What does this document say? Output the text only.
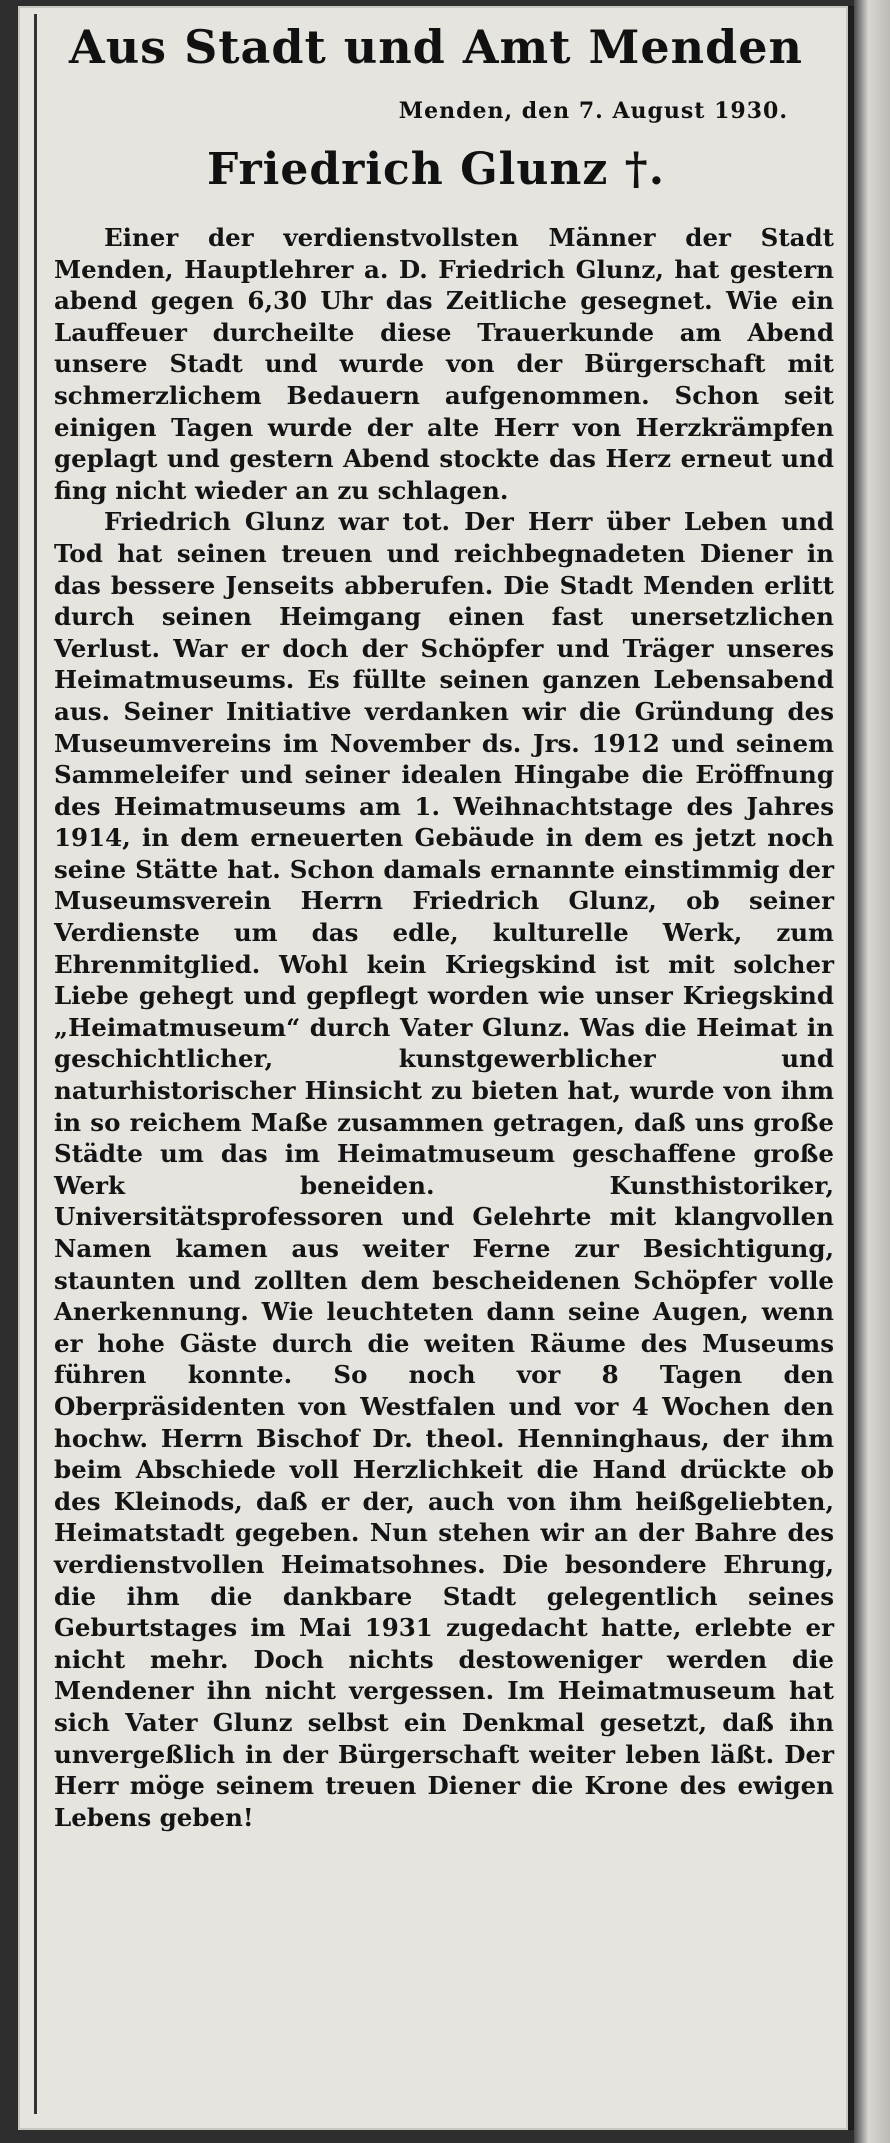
Aus Stadt und Amt Menden
Menden, den 7. August 1930.
Friedrich Glunz †.

Einer der verdienstvollsten Männer der Stadt Menden, Hauptlehrer a. D. Friedrich Glunz, hat gestern abend gegen 6,30 Uhr das Zeitliche gesegnet. Wie ein Lauffeuer durcheilte diese Trauerkunde am Abend unsere Stadt und wurde von der Bürgerschaft mit schmerzlichem Bedauern aufgenommen. Schon seit einigen Tagen wurde der alte Herr von Herzkrämpfen geplagt und gestern Abend stockte das Herz erneut und fing nicht wieder an zu schlagen.

Friedrich Glunz war tot. Der Herr über Leben und Tod hat seinen treuen und reichbegnadeten Diener in das bessere Jenseits abberufen. Die Stadt Menden erlitt durch seinen Heimgang einen fast unersetzlichen Verlust. War er doch der Schöpfer und Träger unseres Heimatmuseums. Es füllte seinen ganzen Lebensabend aus. Seiner Initiative verdanken wir die Gründung des Museumvereins im November ds. Jrs. 1912 und seinem Sammeleifer und seiner idealen Hingabe die Eröffnung des Heimatmuseums am 1. Weihnachtstage des Jahres 1914, in dem erneuerten Gebäude in dem es jetzt noch seine Stätte hat. Schon damals ernannte einstimmig der Museumsverein Herrn Friedrich Glunz, ob seiner Verdienste um das edle, kulturelle Werk, zum Ehrenmitglied. Wohl kein Kriegskind ist mit solcher Liebe gehegt und gepflegt worden wie unser Kriegskind „Heimatmuseum“ durch Vater Glunz. Was die Heimat in geschichtlicher, kunstgewerblicher und naturhistorischer Hinsicht zu bieten hat, wurde von ihm in so reichem Maße zusammen getragen, daß uns große Städte um das im Heimatmuseum geschaffene große Werk beneiden. Kunsthistoriker, Universitätsprofessoren und Gelehrte mit klangvollen Namen kamen aus weiter Ferne zur Besichtigung, staunten und zollten dem bescheidenen Schöpfer volle Anerkennung. Wie leuchteten dann seine Augen, wenn er hohe Gäste durch die weiten Räume des Museums führen konnte. So noch vor 8 Tagen den Oberpräsidenten von Westfalen und vor 4 Wochen den hochw. Herrn Bischof Dr. theol. Henninghaus, der ihm beim Abschiede voll Herzlichkeit die Hand drückte ob des Kleinods, daß er der, auch von ihm heißgeliebten, Heimatstadt gegeben. Nun stehen wir an der Bahre des verdienstvollen Heimatsohnes. Die besondere Ehrung, die ihm die dankbare Stadt gelegentlich seines Geburtstages im Mai 1931 zugedacht hatte, erlebte er nicht mehr. Doch nichts destoweniger werden die Mendener ihn nicht vergessen. Im Heimatmuseum hat sich Vater Glunz selbst ein Denkmal gesetzt, daß ihn unvergeßlich in der Bürgerschaft weiter leben läßt. Der Herr möge seinem treuen Diener die Krone des ewigen Lebens geben!
